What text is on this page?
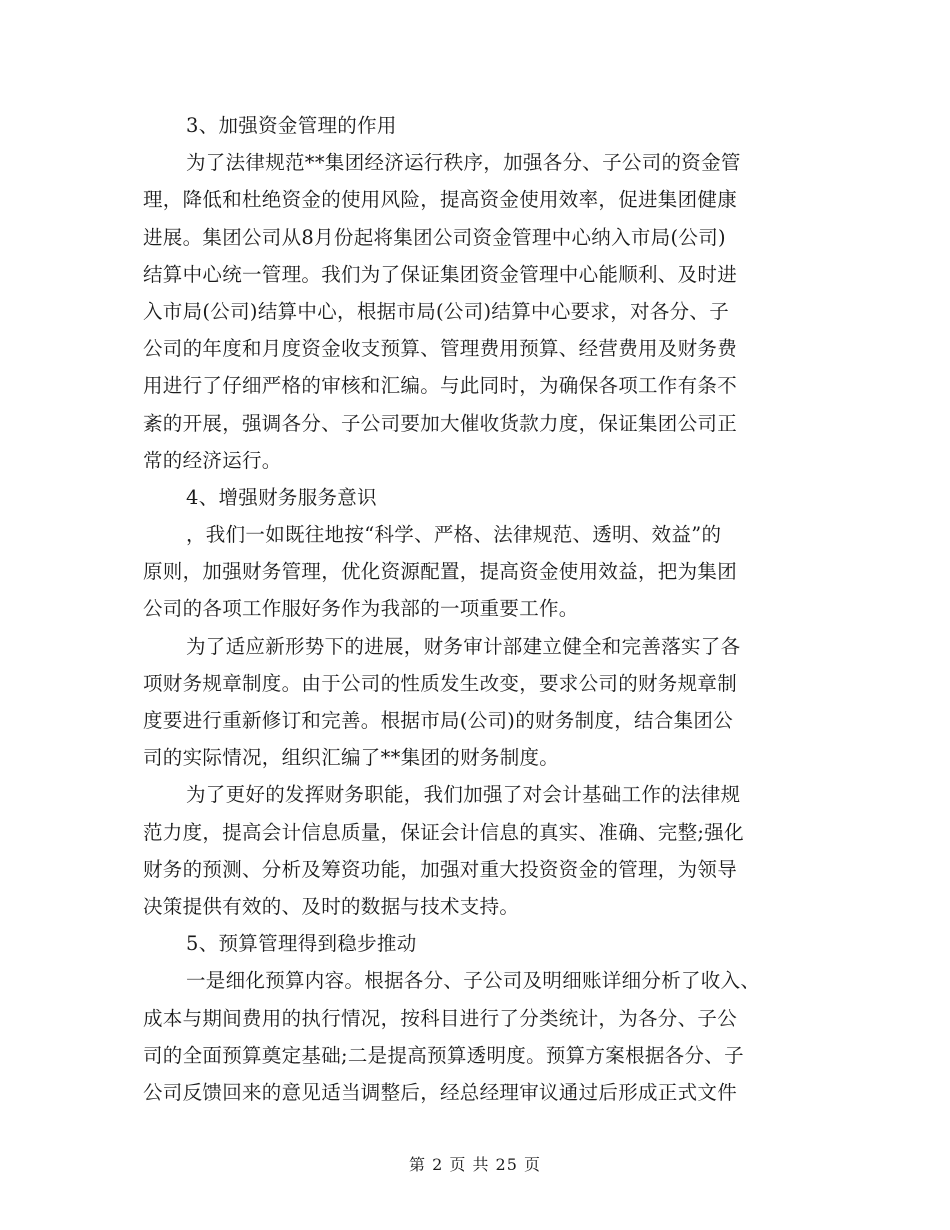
3、加强资金管理的作用
为了法律规范**集团经济运行秩序，加强各分、子公司的资金管
理，降低和杜绝资金的使用风险，提高资金使用效率，促进集团健康
进展。集团公司从8月份起将集团公司资金管理中心纳入市局(公司)
结算中心统一管理。我们为了保证集团资金管理中心能顺利、及时进
入市局(公司)结算中心，根据市局(公司)结算中心要求，对各分、子
公司的年度和月度资金收支预算、管理费用预算、经营费用及财务费
用进行了仔细严格的审核和汇编。与此同时，为确保各项工作有条不
紊的开展，强调各分、子公司要加大催收货款力度，保证集团公司正
常的经济运行。
4、增强财务服务意识
，我们一如既往地按“科学、严格、法律规范、透明、效益”的
原则，加强财务管理，优化资源配置，提高资金使用效益，把为集团
公司的各项工作服好务作为我部的一项重要工作。
为了适应新形势下的进展，财务审计部建立健全和完善落实了各
项财务规章制度。由于公司的性质发生改变，要求公司的财务规章制
度要进行重新修订和完善。根据市局(公司)的财务制度，结合集团公
司的实际情况，组织汇编了**集团的财务制度。
为了更好的发挥财务职能，我们加强了对会计基础工作的法律规
范力度，提高会计信息质量，保证会计信息的真实、准确、完整;强化
财务的预测、分析及筹资功能，加强对重大投资资金的管理，为领导
决策提供有效的、及时的数据与技术支持。
5、预算管理得到稳步推动
一是细化预算内容。根据各分、子公司及明细账详细分析了收入、
成本与期间费用的执行情况，按科目进行了分类统计，为各分、子公
司的全面预算奠定基础;二是提高预算透明度。预算方案根据各分、子
公司反馈回来的意见适当调整后，经总经理审议通过后形成正式文件
第 2 页 共 25 页
